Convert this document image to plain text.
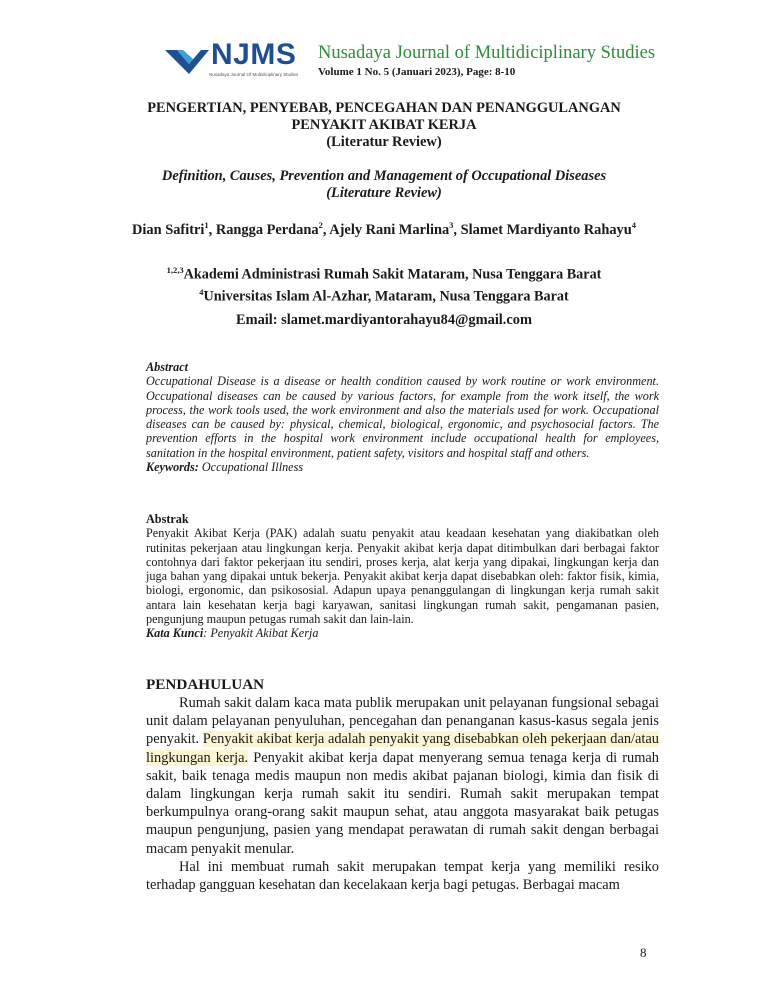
NJMS
Nusadaya Journal Of Multidiciplinary Studies
Nusadaya Journal of Multidiciplinary Studies
Volume 1 No. 5 (Januari 2023), Page: 8-10
PENGERTIAN, PENYEBAB, PENCEGAHAN DAN PENANGGULANGAN
PENYAKIT AKIBAT KERJA
(Literatur Review)
Definition, Causes, Prevention and Management of Occupational Diseases
(Literature Review)
Dian Safitri$^1$, Rangga Perdana$^2$, Ajely Rani Marlina$^3$, Slamet Mardiyanto Rahayu$^4$
$^{1,2,3}$Akademi Administrasi Rumah Sakit Mataram, Nusa Tenggara Barat
$^4$Universitas Islam Al-Azhar, Mataram, Nusa Tenggara Barat
Email: slamet.mardiyantorahayu84@gmail.com
Abstract
Occupational Disease is a disease or health condition caused by work routine or work environment. Occupational diseases can be caused by various factors, for example from the work itself, the work process, the work tools used, the work environment and also the materials used for work. Occupational diseases can be caused by: physical, chemical, biological, ergonomic, and psychosocial factors. The prevention efforts in the hospital work environment include occupational health for employees, sanitation in the hospital environment, patient safety, visitors and hospital staff and others.
Keywords: Occupational Illness
Abstrak
Penyakit Akibat Kerja (PAK) adalah suatu penyakit atau keadaan kesehatan yang diakibatkan oleh rutinitas pekerjaan atau lingkungan kerja. Penyakit akibat kerja dapat ditimbulkan dari berbagai faktor contohnya dari faktor pekerjaan itu sendiri, proses kerja, alat kerja yang dipakai, lingkungan kerja dan juga bahan yang dipakai untuk bekerja. Penyakit akibat kerja dapat disebabkan oleh: faktor fisik, kimia, biologi, ergonomic, dan psikososial. Adapun upaya penanggulangan di lingkungan kerja rumah sakit antara lain kesehatan kerja bagi karyawan, sanitasi lingkungan rumah sakit, pengamanan pasien, pengunjung maupun petugas rumah sakit dan lain-lain.
Kata Kunci: Penyakit Akibat Kerja
PENDAHULUAN

Rumah sakit dalam kaca mata publik merupakan unit pelayanan fungsional sebagai unit dalam pelayanan penyuluhan, pencegahan dan penanganan kasus-kasus segala jenis penyakit. Penyakit akibat kerja adalah penyakit yang disebabkan oleh pekerjaan dan/atau lingkungan kerja. Penyakit akibat kerja dapat menyerang semua tenaga kerja di rumah sakit, baik tenaga medis maupun non medis akibat pajanan biologi, kimia dan fisik di dalam lingkungan kerja rumah sakit itu sendiri. Rumah sakit merupakan tempat berkumpulnya orang-orang sakit maupun sehat, atau anggota masyarakat baik petugas maupun pengunjung, pasien yang mendapat perawatan di rumah sakit dengan berbagai macam penyakit menular.

Hal ini membuat rumah sakit merupakan tempat kerja yang memiliki resiko terhadap gangguan kesehatan dan kecelakaan kerja bagi petugas. Berbagai macam

8
